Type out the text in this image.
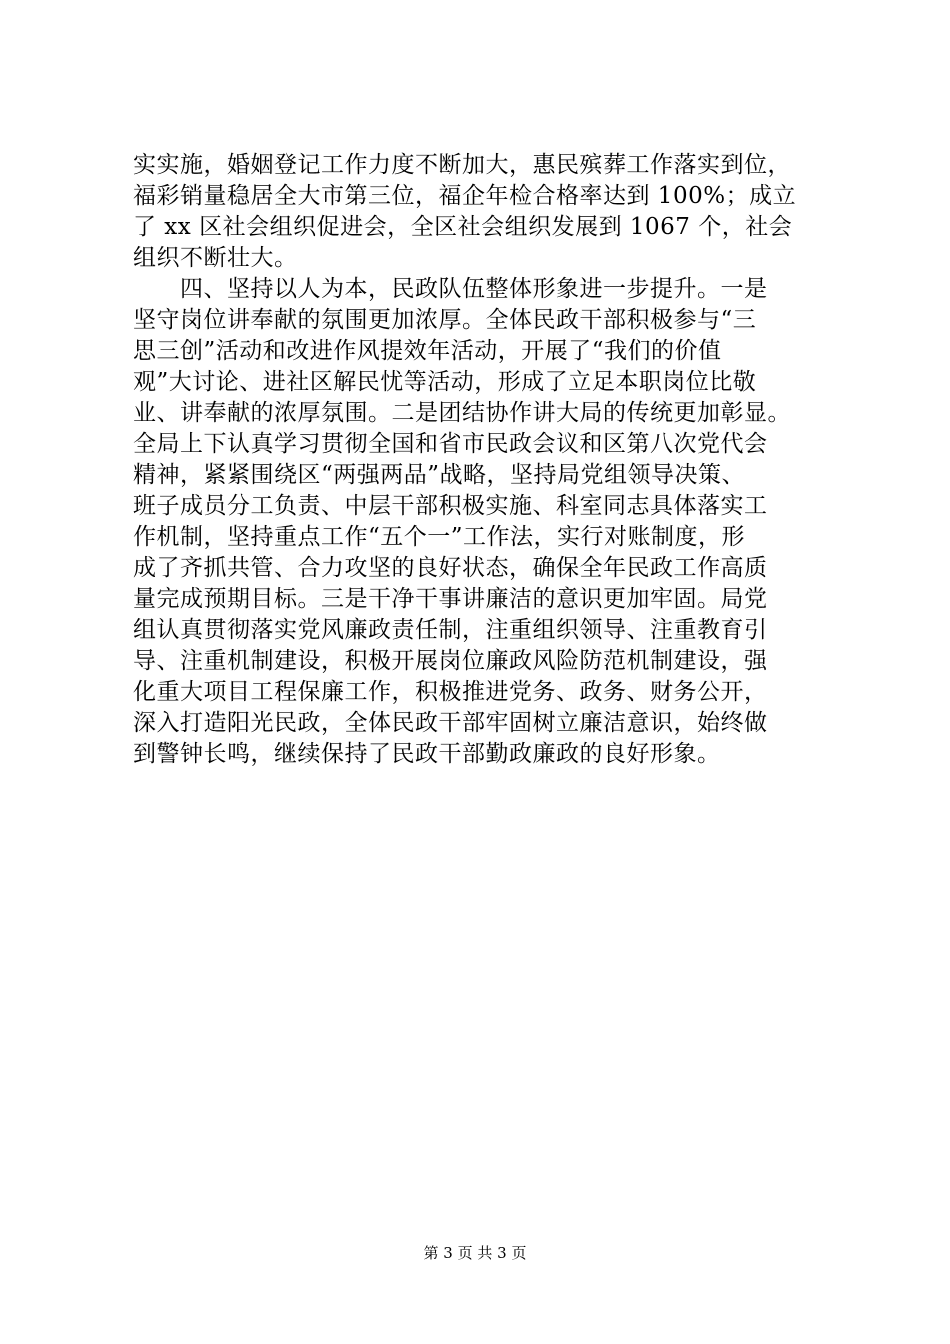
实实施，婚姻登记工作力度不断加大，惠民殡葬工作落实到位，
福彩销量稳居全大市第三位，福企年检合格率达到 100%；成立
了 xx 区社会组织促进会，全区社会组织发展到 1067 个，社会
组织不断壮大。
四、坚持以人为本，民政队伍整体形象进一步提升。一是
坚守岗位讲奉献的氛围更加浓厚。全体民政干部积极参与“三
思三创”活动和改进作风提效年活动，开展了“我们的价值
观”大讨论、进社区解民忧等活动，形成了立足本职岗位比敬
业、讲奉献的浓厚氛围。二是团结协作讲大局的传统更加彰显。
全局上下认真学习贯彻全国和省市民政会议和区第八次党代会
精神，紧紧围绕区“两强两品”战略，坚持局党组领导决策、
班子成员分工负责、中层干部积极实施、科室同志具体落实工
作机制，坚持重点工作“五个一”工作法，实行对账制度，形
成了齐抓共管、合力攻坚的良好状态，确保全年民政工作高质
量完成预期目标。三是干净干事讲廉洁的意识更加牢固。局党
组认真贯彻落实党风廉政责任制，注重组织领导、注重教育引
导、注重机制建设，积极开展岗位廉政风险防范机制建设，强
化重大项目工程保廉工作，积极推进党务、政务、财务公开，
深入打造阳光民政，全体民政干部牢固树立廉洁意识，始终做
到警钟长鸣，继续保持了民政干部勤政廉政的良好形象。
第 3 页 共 3 页
